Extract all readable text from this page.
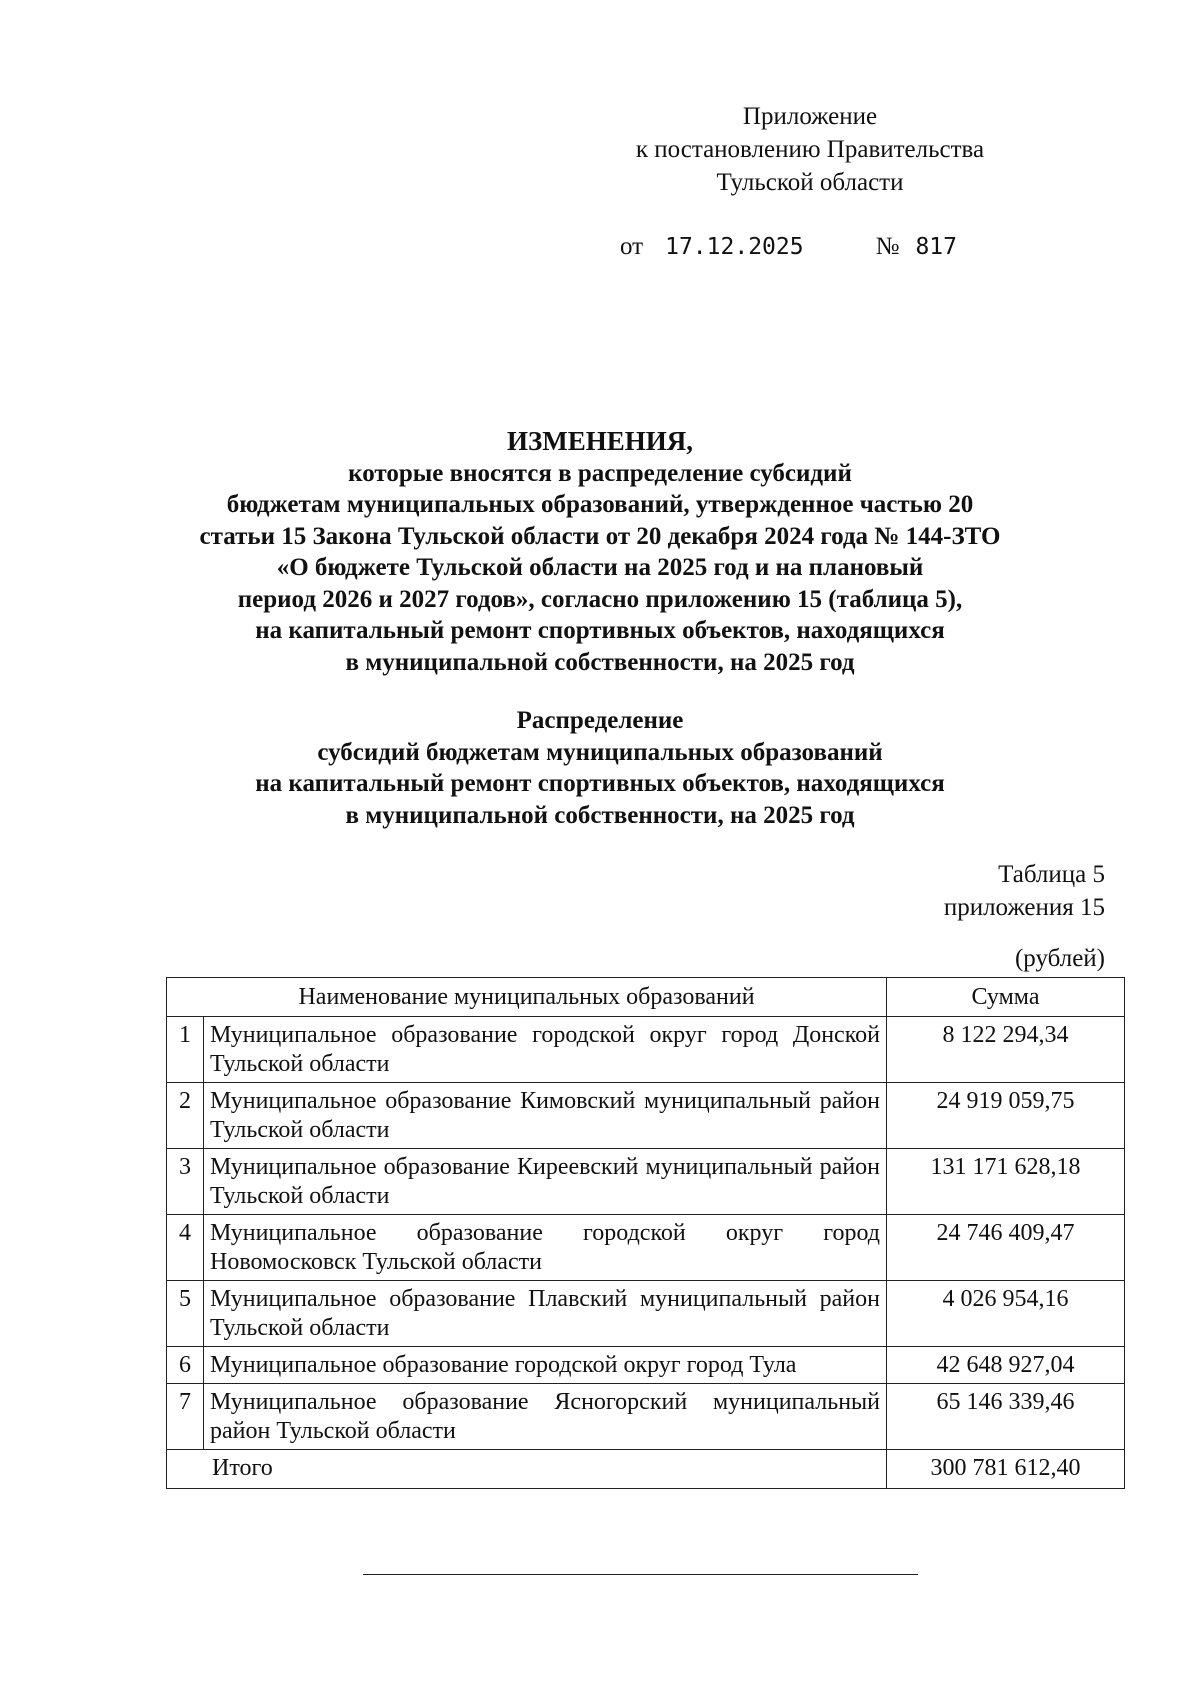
Приложение
к постановлению Правительства
Тульской области
от 17.12.2025	№ 817
ИЗМЕНЕНИЯ,
которые вносятся в распределение субсидий
бюджетам муниципальных образований, утвержденное частью 20
статьи 15 Закона Тульской области от 20 декабря 2024 года № 144-ЗТО
«О бюджете Тульской области на 2025 год и на плановый
период 2026 и 2027 годов», согласно приложению 15 (таблица 5),
на капитальный ремонт спортивных объектов, находящихся
в муниципальной собственности, на 2025 год
Распределение
субсидий бюджетам муниципальных образований
на капитальный ремонт спортивных объектов, находящихся
в муниципальной собственности, на 2025 год
Таблица 5
приложения 15
(рублей)
Наименование муниципальных образований		Сумма
1	Муниципальное образование городской округ город Донской Тульской области	8 122 294,34
2	Муниципальное образование Кимовский муниципальный район Тульской области	24 919 059,75
3	Муниципальное образование Киреевский муниципальный район Тульской области	131 171 628,18
4	Муниципальное образование городской округ город Новомосковск Тульской области	24 746 409,47
5	Муниципальное образование Плавский муниципальный район Тульской области	4 026 954,16
6	Муниципальное образование городской округ город Тула	42 648 927,04
7	Муниципальное образование Ясногорский муниципальный район Тульской области	65 146 339,46
Итого		300 781 612,40
